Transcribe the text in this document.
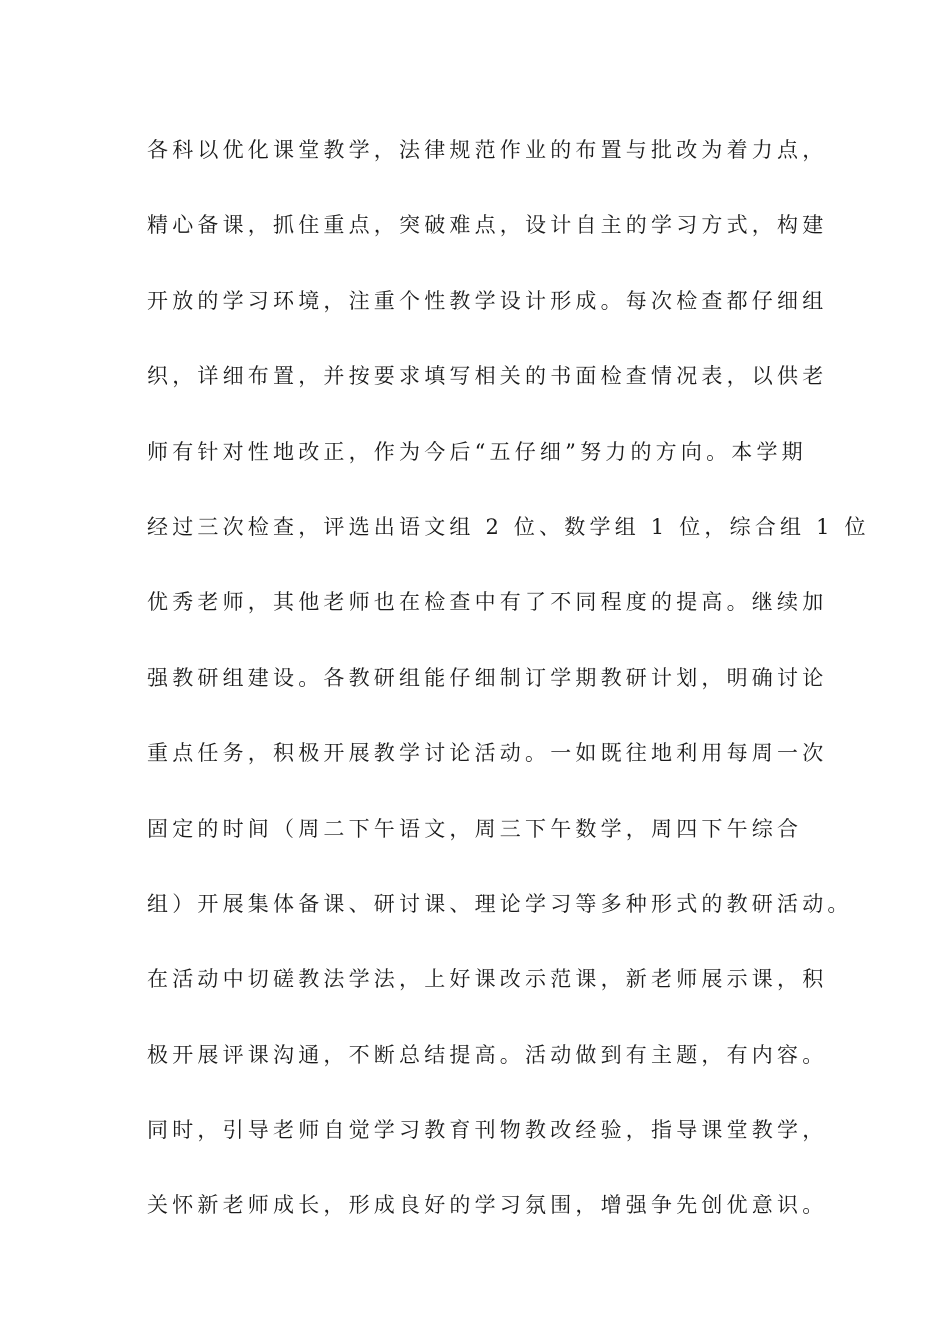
各科以优化课堂教学，法律规范作业的布置与批改为着力点，
精心备课，抓住重点，突破难点，设计自主的学习方式，构建
开放的学习环境，注重个性教学设计形成。每次检查都仔细组
织，详细布置，并按要求填写相关的书面检查情况表，以供老
师有针对性地改正，作为今后“五仔细”努力的方向。本学期
经过三次检查，评选出语文组 2 位、数学组 1 位，综合组 1 位
优秀老师，其他老师也在检查中有了不同程度的提高。继续加
强教研组建设。各教研组能仔细制订学期教研计划，明确讨论
重点任务，积极开展教学讨论活动。一如既往地利用每周一次
固定的时间（周二下午语文，周三下午数学，周四下午综合
组）开展集体备课、研讨课、理论学习等多种形式的教研活动。
在活动中切磋教法学法，上好课改示范课，新老师展示课，积
极开展评课沟通，不断总结提高。活动做到有主题，有内容。
同时，引导老师自觉学习教育刊物教改经验，指导课堂教学，
关怀新老师成长，形成良好的学习氛围，增强争先创优意识。
